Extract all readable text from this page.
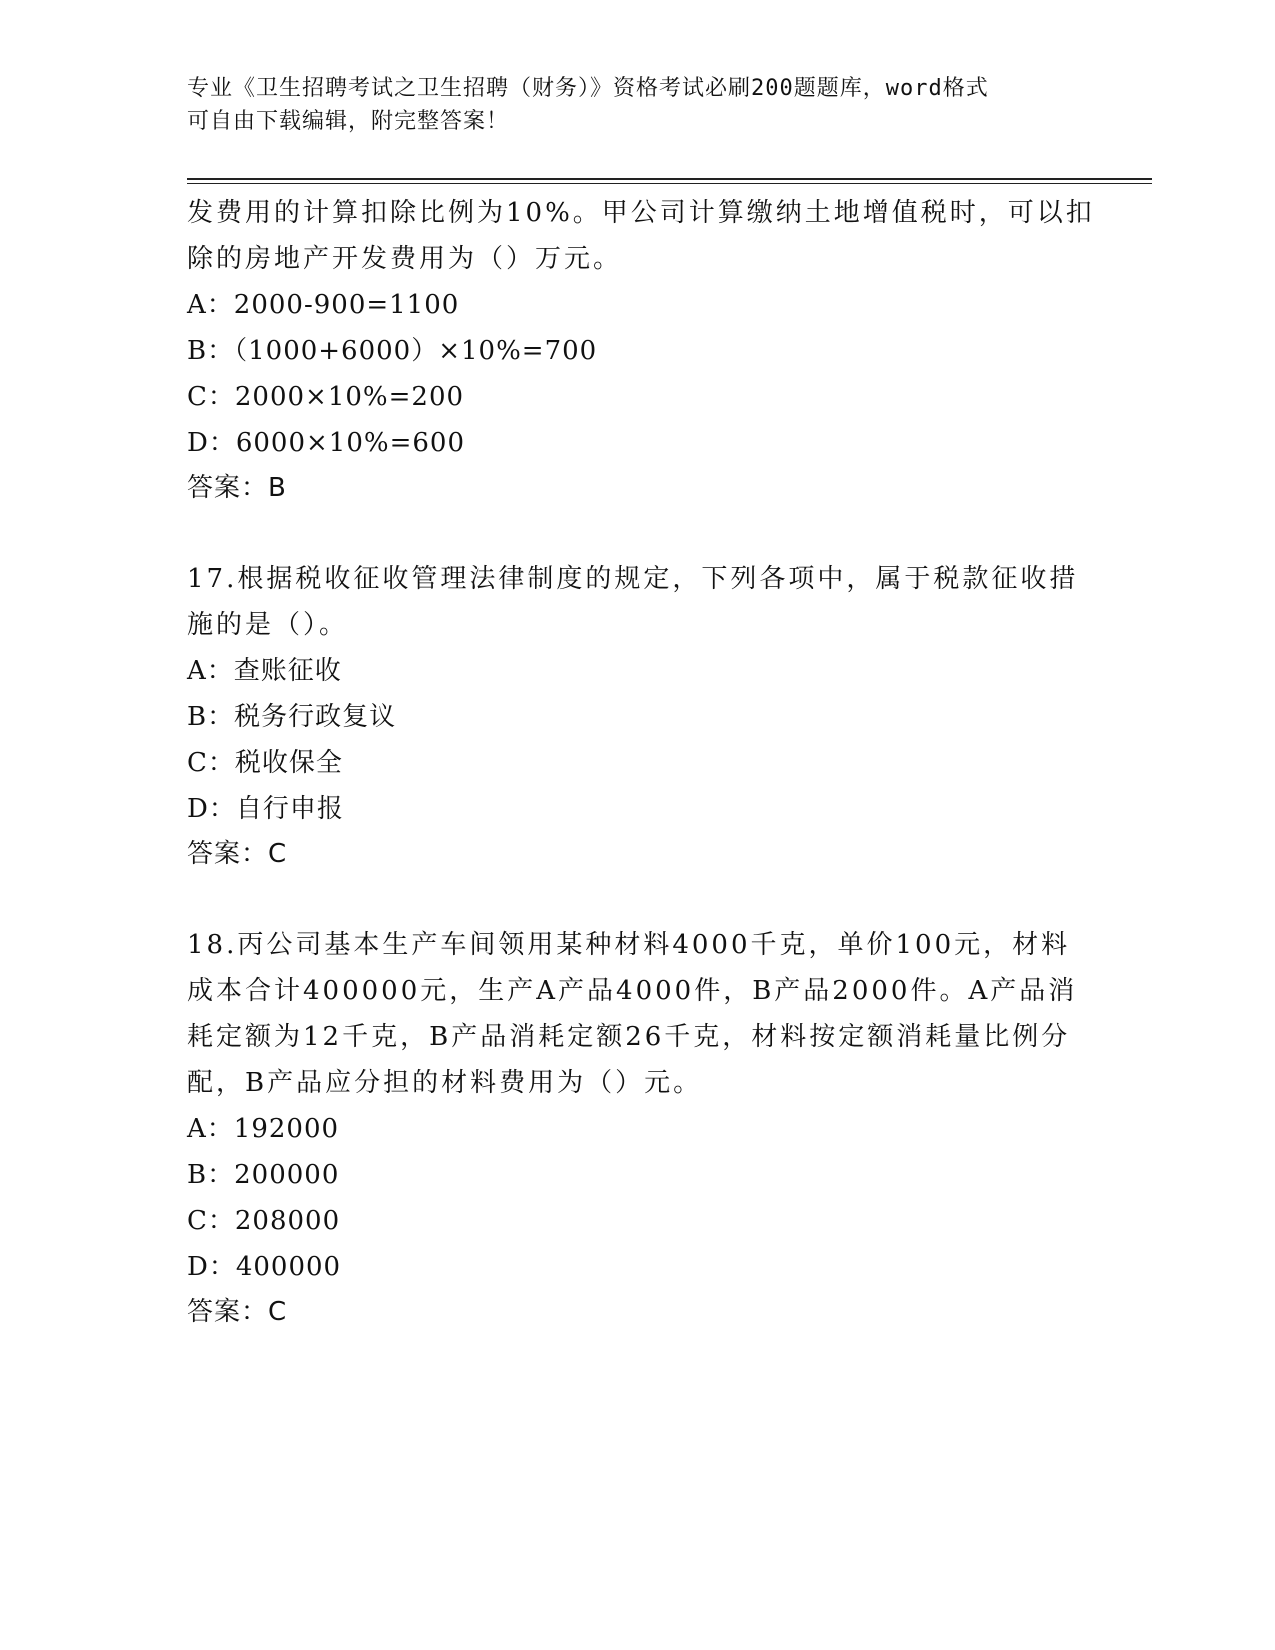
专业《卫生招聘考试之卫生招聘（财务）》资格考试必刷200题题库，word格式
可自由下载编辑，附完整答案！
发费用的计算扣除比例为10%。甲公司计算缴纳土地增值税时，可以扣
除的房地产开发费用为（）万元。
A：2000-900=1100
B：（1000+6000）×10%=700
C：2000×10%=200
D：6000×10%=600
答案：B
17.根据税收征收管理法律制度的规定，下列各项中，属于税款征收措
施的是（）。
A：查账征收
B：税务行政复议
C：税收保全
D：自行申报
答案：C
18.丙公司基本生产车间领用某种材料4000千克，单价100元，材料
成本合计400000元，生产A产品4000件，B产品2000件。A产品消
耗定额为12千克，B产品消耗定额26千克，材料按定额消耗量比例分
配，B产品应分担的材料费用为（）元。
A：192000
B：200000
C：208000
D：400000
答案：C
